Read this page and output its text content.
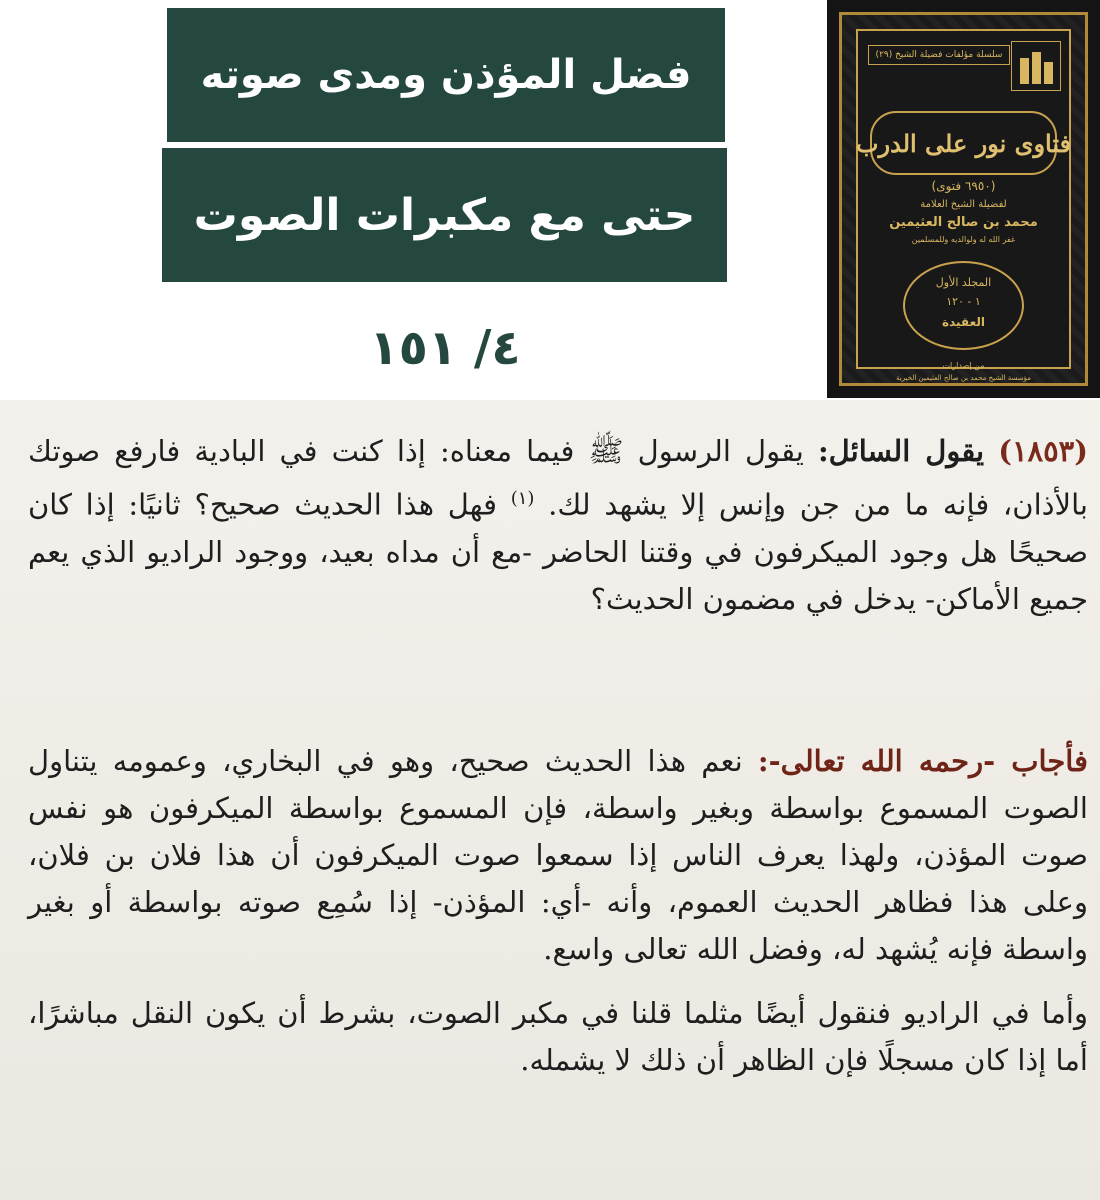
فضل المؤذن ومدى صوته
حتى مع مكبرات الصوت
٤/ ١٥١
سلسلة مؤلفات فضيلة الشيخ (٢٩)
فتاوى نور على الدرب
(٦٩٥٠ فتوى)
لفضيلة الشيخ العلامة
محمد بن صالح العثيمين
غفر الله له ولوالديه وللمسلمين
المجلد الأول
١ - ١٢٠
العقيدة
من إصدارات
مؤسسة الشيخ محمد بن صالح العثيمين الخيرية
(١٨٥٣) يقول السائل: يقول الرسول ﷺ فيما معناه: إذا كنت في البادية فارفع صوتك بالأذان، فإنه ما من جن وإنس إلا يشهد لك. $^{(١)}$ فهل هذا الحديث صحيح؟ ثانيًا: إذا كان صحيحًا هل وجود الميكرفون في وقتنا الحاضر -مع أن مداه بعيد، ووجود الراديو الذي يعم جميع الأماكن- يدخل في مضمون الحديث؟
فأجاب -رحمه الله تعالى-: نعم هذا الحديث صحيح، وهو في البخاري، وعمومه يتناول الصوت المسموع بواسطة وبغير واسطة، فإن المسموع بواسطة الميكرفون هو نفس صوت المؤذن، ولهذا يعرف الناس إذا سمعوا صوت الميكرفون أن هذا فلان بن فلان، وعلى هذا فظاهر الحديث العموم، وأنه -أي: المؤذن- إذا سُمِع صوته بواسطة أو بغير واسطة فإنه يُشهد له، وفضل الله تعالى واسع.
وأما في الراديو فنقول أيضًا مثلما قلنا في مكبر الصوت، بشرط أن يكون النقل مباشرًا، أما إذا كان مسجلًا فإن الظاهر أن ذلك لا يشمله.
